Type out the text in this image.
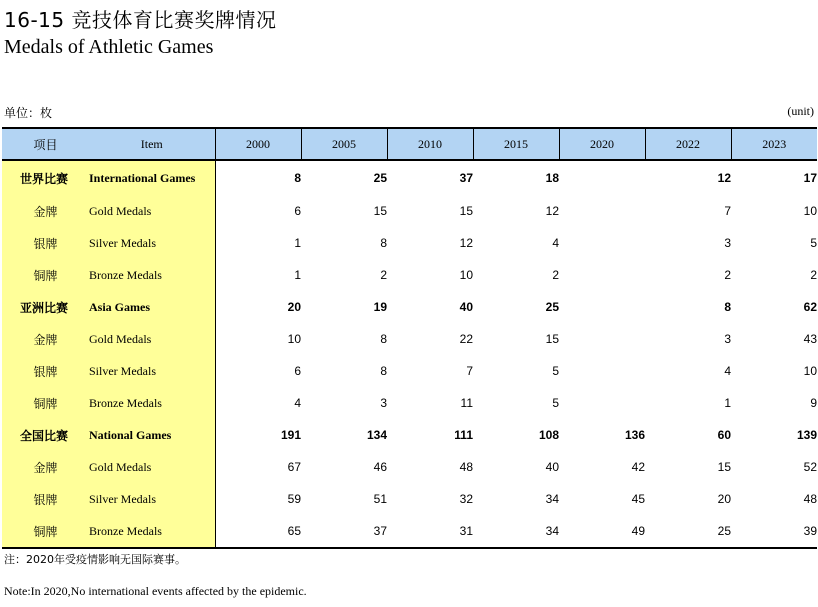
16-15 竞技体育比赛奖牌情况
Medals of Athletic Games
单位：枚	(unit)
项目	Item	2000	2005	2010	2015	2020	2022	2023
世界比赛	International Games	8	25	37	18		12	17
金牌	Gold Medals	6	15	15	12		7	10
银牌	Silver Medals	1	8	12	4		3	5
铜牌	Bronze Medals	1	2	10	2		2	2
亚洲比赛	Asia Games	20	19	40	25		8	62
金牌	Gold Medals	10	8	22	15		3	43
银牌	Silver Medals	6	8	7	5		4	10
铜牌	Bronze Medals	4	3	11	5		1	9
全国比赛	National Games	191	134	111	108	136	60	139
金牌	Gold Medals	67	46	48	40	42	15	52
银牌	Silver Medals	59	51	32	34	45	20	48
铜牌	Bronze Medals	65	37	31	34	49	25	39
注：2020年受疫情影响无国际赛事。
Note:In 2020,No international events affected by the epidemic.
